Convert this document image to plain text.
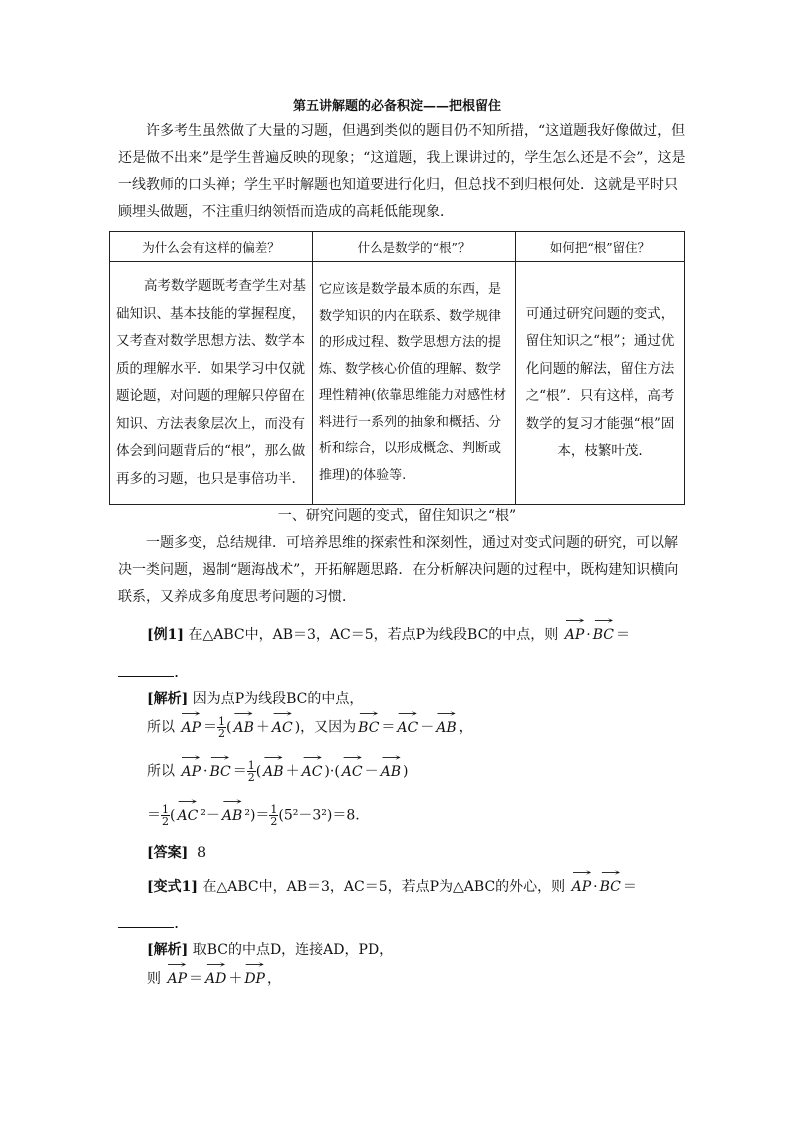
第五讲解题的必备积淀——把根留住
许多考生虽然做了大量的习题，但遇到类似的题目仍不知所措，“这道题我好像做过，但还是做不出来”是学生普遍反映的现象；“这道题，我上课讲过的，学生怎么还是不会”，这是一线教师的口头禅；学生平时解题也知道要进行化归，但总找不到归根何处．这就是平时只顾埋头做题，不注重归纳领悟而造成的高耗低能现象．
为什么会有这样的偏差？	什么是数学的“根”？	如何把“根”留住？
高考数学题既考查学生对基础知识、基本技能的掌握程度，又考查对数学思想方法、数学本质的理解水平．如果学习中仅就题论题，对问题的理解只停留在知识、方法表象层次上，而没有体会到问题背后的“根”，那么做再多的习题，也只是事倍功半.	它应该是数学最本质的东西，是数学知识的内在联系、数学规律的形成过程、数学思想方法的提炼、数学核心价值的理解、数学理性精神(依靠思维能力对感性材料进行一系列的抽象和概括、分析和综合，以形成概念、判断或推理)的体验等.	可通过研究问题的变式，留住知识之“根”；通过优化问题的解法，留住方法之“根”．只有这样，高考数学的复习才能强“根”固本，枝繁叶茂.
一、研究问题的变式，留住知识之“根”
一题多变，总结规律．可培养思维的探索性和深刻性，通过对变式问题的研究，可以解决一类问题，遏制“题海战术”，开拓解题思路．在分析解决问题的过程中，既构建知识横向联系，又养成多角度思考问题的习惯．
[例1] 在△ABC中，AB＝3，AC＝5，若点P为线段BC的中点，则 → AP · → BC ＝
.
[解析] 因为点P为线段BC的中点，
所以 → AP ＝ $\frac{1}{2}$ ( → AB ＋ → AC )，又因为 → BC ＝ → AC － → AB ，
所以 → AP · → BC ＝ $\frac{1}{2}$ ( → AB ＋ → AC )·( → AC － → AB )
＝ $\frac{1}{2}$ ( → AC ²－ → AB $^2)= \frac{1}{2} (5^2-3^2)=8$.
[答案] 8
[变式1] 在△ABC中，AB＝3，AC＝5，若点P为△ABC的外心，则 → AP · → BC ＝
.
[解析] 取BC的中点D，连接AD，PD，
则 → AP ＝ → AD ＋ → DP ，
